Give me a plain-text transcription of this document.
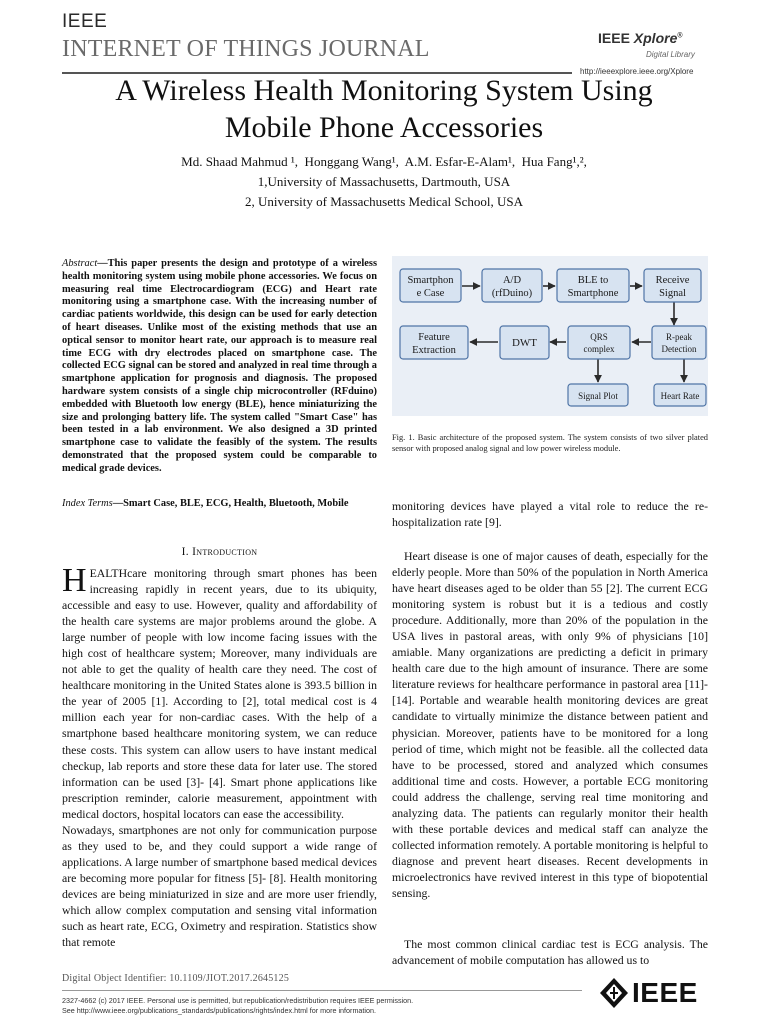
IEEE
INTERNET OF THINGS JOURNAL	IEEE Xplore®
Digital Library
http://ieeexplore.ieee.org/Xplore
A Wireless Health Monitoring System Using
Mobile Phone Accessories
Md. Shaad Mahmud ¹,  Honggang Wang¹,  A.M. Esfar-E-Alam¹,  Hua Fang¹,²,
1,University of Massachusetts, Dartmouth, USA
2, University of Massachusetts Medical School, USA
Abstract—This paper presents the design and prototype of a wireless health monitoring system using mobile phone accessories. We focus on measuring real time Electrocardiogram (ECG) and Heart rate monitoring using a smartphone case. With the increasing number of cardiac patients worldwide, this design can be used for early detection of heart diseases. Unlike most of the existing methods that use an optical sensor to monitor heart rate, our approach is to measure real time ECG with dry electrodes placed on smartphone case. The collected ECG signal can be stored and analyzed in real time through a smartphone application for prognosis and diagnosis. The proposed hardware system consists of a single chip microcontroller (RFduino) embedded with Bluetooth low energy (BLE), hence miniaturizing the size and prolonging battery life. The system called "Smart Case" has been tested in a lab environment. We also designed a 3D printed smartphone case to validate the feasibly of the system. The results demonstrated that the proposed system could be comparable to medical grade devices.
Index Terms—Smart Case, BLE, ECG, Health, Bluetooth, Mobile
Smartphon
e Case
A/D
(rfDuino)
BLE to
Smartphone
Receive
Signal
Feature
Extraction
DWT	QRS
complex
R-peak
Detection
Signal Plot	Heart Rate
Fig. 1. Basic architecture of the proposed system. The system consists of two silver plated sensor with proposed analog signal and low power wireless module.
I. Introduction

H EALTHcare monitoring through smart phones has been increasing rapidly in recent years, due to its ubiquity, accessible and easy to use. However, quality and affordability of the health care systems are major problems around the globe. A large number of people with low income facing issues with the high cost of healthcare system; Moreover, many individuals are not able to get the quality of health care they need. The cost of healthcare monitoring in the United States alone is 393.5 billion in the year of 2005 [1]. According to [2], total medical cost is 4 million each year for non-cardiac cases. With the help of a smartphone based healthcare monitoring system, we can reduce these costs. This system can allow users to have instant medical checkup, lab reports and store these data for later use. The stored information can be used [3]- [4]. Smart phone applications like prescription reminder, calorie measurement, appointment with medical doctors, hospital locators can ease the accessibility.

Nowadays, smartphones are not only for communication purpose as they used to be, and they could support a wide range of applications. A large number of smartphone based medical devices are becoming more popular for fitness [5]- [8]. Health monitoring devices are being miniaturized in size and are more user friendly, which allow complex computation and sensing vital information such as heart rate, ECG, Oximetry and respiration. Statistics show that remote

monitoring devices have played a vital role to reduce the re-hospitalization rate [9].
Heart disease is one of major causes of death, especially for the elderly people. More than 50% of the population in North America have heart diseases aged to be older than 55 [2]. The current ECG monitoring system is robust but it is a tedious and costly procedure. Additionally, more than 20% of the population in the USA lives in pastoral areas, with only 9% of physicians [10] amiable. Many organizations are predicting a deficit in primary health care due to the high amount of insurance. There are some literature reviews for healthcare performance in pastoral area [11]- [14]. Portable and wearable health monitoring devices are great candidate to virtually minimize the distance between patient and physician. Moreover, patients have to be monitored for a long period of time, which might not be feasible. all the collected data have to be processed, stored and analyzed which consumes additional time and costs. However, a portable ECG monitoring could address the challenge, serving real time monitoring and analyzing data. The patients can regularly monitor their health with these portable devices and medical staff can analyze the collected information remotely. A portable monitoring is helpful to diagnose and prevent heart diseases. Recent developments in microelectronics have revived interest in this type of biopotential sensing.
The most common clinical cardiac test is ECG analysis. The advancement of mobile computation has allowed us to
Digital Object Identifier: 10.1109/JIOT.2017.2645125
2327-4662 (c) 2017 IEEE. Personal use is permitted, but republication/redistribution requires IEEE permission.
See http://www.ieee.org/publications_standards/publications/rights/index.html for more information.
IEEE
